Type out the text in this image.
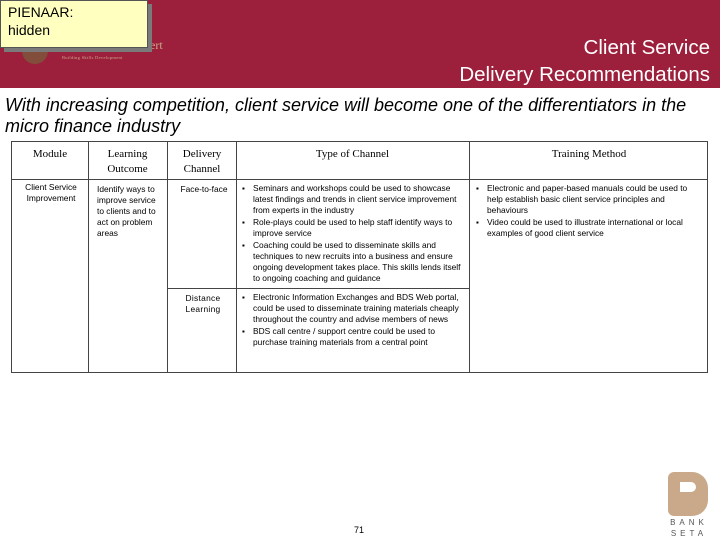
ert
Building Skills Development	Client Service
Delivery Recommendations
PIENAAR:
hidden
With increasing competition, client service will become one of the differentiators in the micro finance industry
Module	Learning Outcome
Delivery Channel
Type of Channel	Training Method
Client Service Improvement
Identify ways to improve service to clients and to act on problem areas
Face-to-face
▪	Seminars and workshops could be used to showcase latest findings and trends in client service improvement from experts in the industry
▪ Role-plays could be used to help staff identify ways to improve service
▪ Coaching could be used to disseminate skills and techniques to new recruits into a business and ensure ongoing development takes place. This skills lends itself to ongoing coaching and guidance
Distance Learning
▪ Electronic Information Exchanges and BDS Web portal, could be used to disseminate training materials cheaply throughout the country and advise members of news
▪ BDS call centre / support centre could be used to purchase training materials from a central point
▪ Electronic and paper-based manuals could be used to help establish basic client service principles and behaviours
▪ Video could be used to illustrate international or local examples of good client service
71
BANK
SETA
